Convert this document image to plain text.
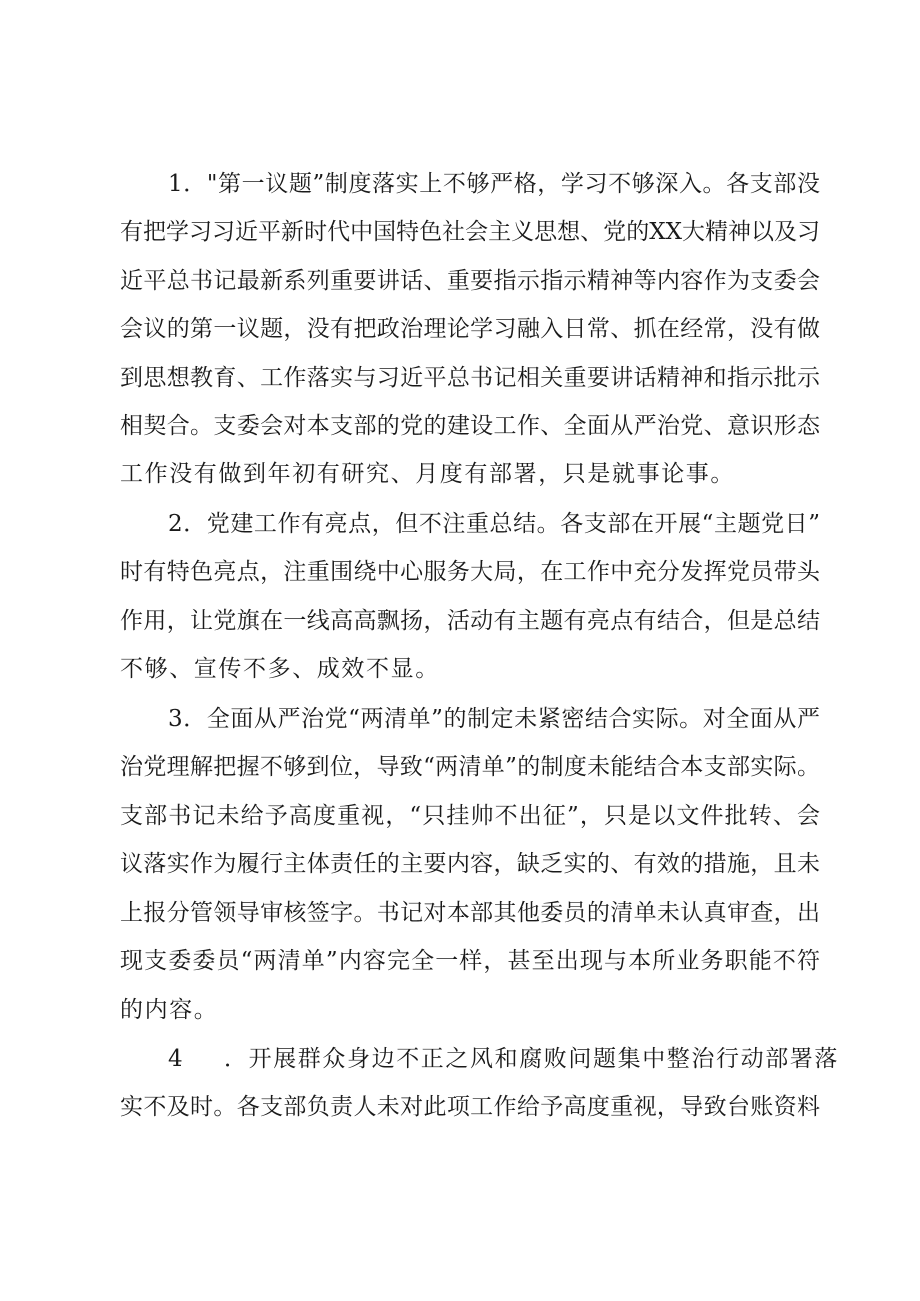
1．"第一议题”制度落实上不够严格，学习不够深入。各支部没
有把学习习近平新时代中国特色社会主义思想、党的XX大精神以及习
近平总书记最新系列重要讲话、重要指示指示精神等内容作为支委会
会议的第一议题，没有把政治理论学习融入日常、抓在经常，没有做
到思想教育、工作落实与习近平总书记相关重要讲话精神和指示批示
相契合。支委会对本支部的党的建设工作、全面从严治党、意识形态
工作没有做到年初有研究、月度有部署，只是就事论事。
2．党建工作有亮点，但不注重总结。各支部在开展“主题党日”
时有特色亮点，注重围绕中心服务大局，在工作中充分发挥党员带头
作用，让党旗在一线高高飘扬，活动有主题有亮点有结合，但是总结
不够、宣传不多、成效不显。
3．全面从严治党“两清单”的制定未紧密结合实际。对全面从严
治党理解把握不够到位，导致“两清单”的制度未能结合本支部实际。
支部书记未给予高度重视，“只挂帅不出征”，只是以文件批转、会
议落实作为履行主体责任的主要内容，缺乏实的、有效的措施，且未
上报分管领导审核签字。书记对本部其他委员的清单未认真审查，出
现支委委员“两清单”内容完全一样，甚至出现与本所业务职能不符
的内容。
4 ．开展群众身边不正之风和腐败问题集中整治行动部署落
实不及时。各支部负责人未对此项工作给予高度重视，导致台账资料
